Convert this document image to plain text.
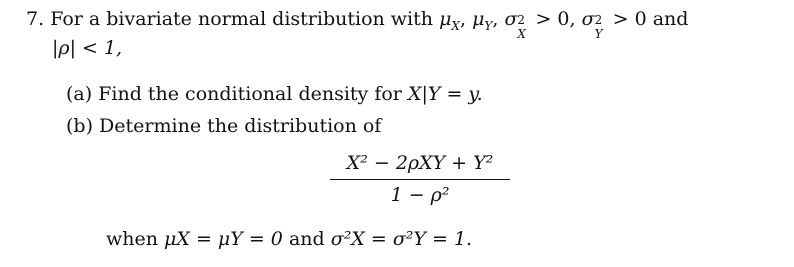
7. For a bivariate normal distribution with $\mu_X$, $\mu_Y$, σ 2
X
> 0, σ 2
Y
> 0 and
|ρ| < 1,
(a) Find the conditional density for X|Y = y.
(b) Determine the distribution of
X² − 2ρXY + Y²
1 − ρ²
when μX = μY = 0 and σ²X = σ²Y = 1.
